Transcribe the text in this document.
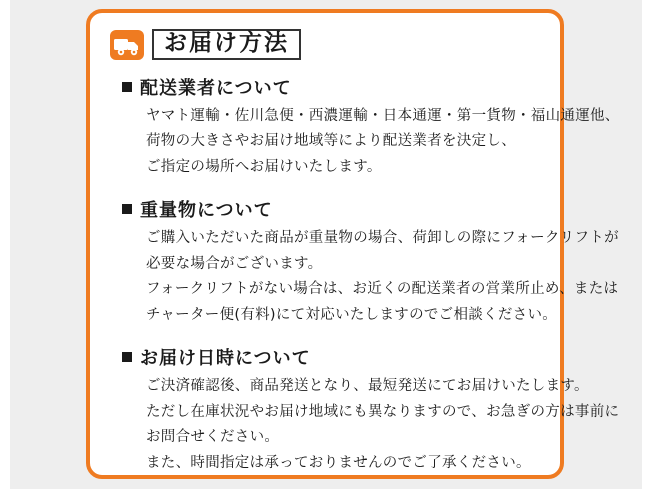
お届け方法
配送業者について

ヤマト運輸・佐川急便・西濃運輸・日本通運・第一貨物・福山通運他、

荷物の大きさやお届け地域等により配送業者を決定し、

ご指定の場所へお届けいたします。

重量物について

ご購入いただいた商品が重量物の場合、荷卸しの際にフォークリフトが

必要な場合がございます。

フォークリフトがない場合は、お近くの配送業者の営業所止め、または

チャーター便(有料)にて対応いたしますのでご相談ください。

お届け日時について

ご決済確認後、商品発送となり、最短発送にてお届けいたします。

ただし在庫状況やお届け地域にも異なりますので、お急ぎの方は事前に

お問合せください。

また、時間指定は承っておりませんのでご了承ください。
